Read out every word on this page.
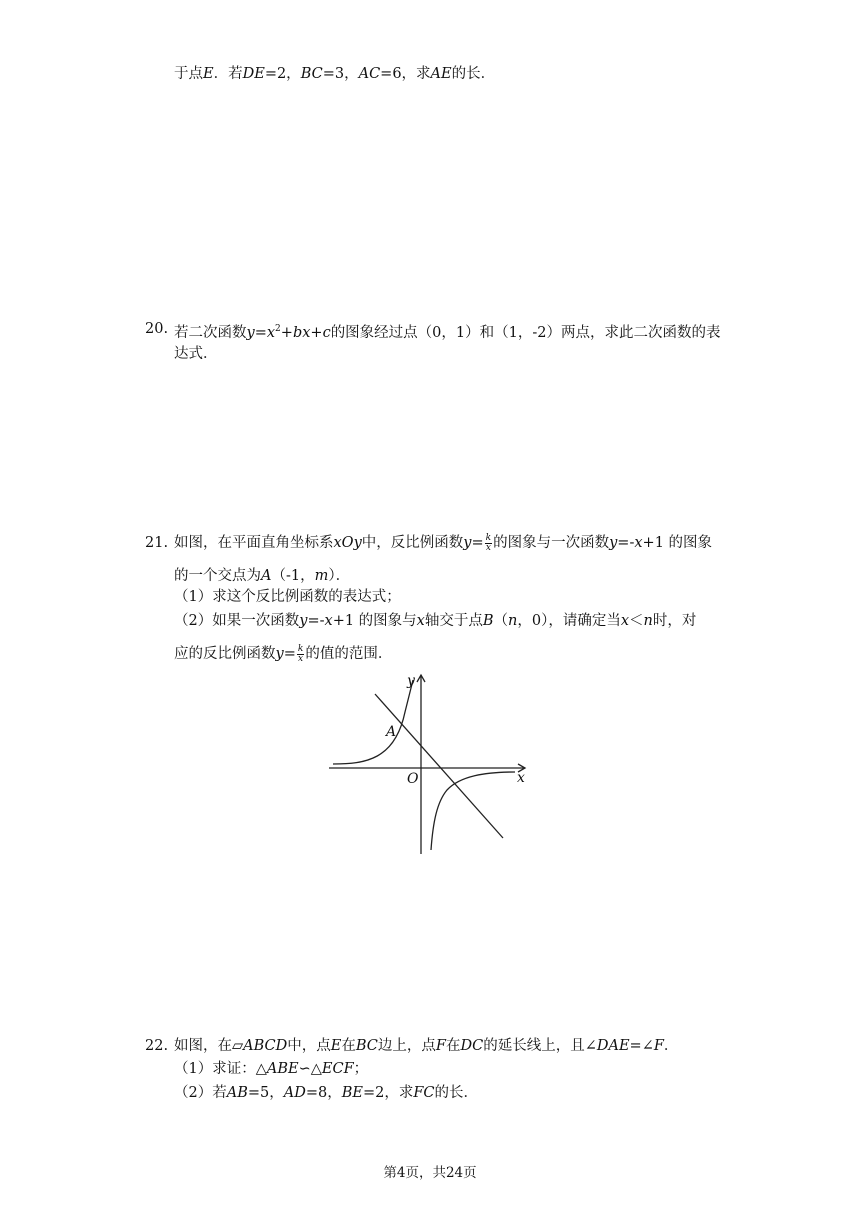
于点E．若DE=2，BC=3，AC=6，求AE的长．
20. 若二次函数$y=x^2+bx+c$的图象经过点（0，1）和（1，-2）两点，求此二次函数的表
达式．
21. 如图，在平面直角坐标系xOy中，反比例函数$y= \frac{k}{x}$ 的图象与一次函数y=-x+1 的图象
的一个交点为A（-1，m）．
（1）求这个反比例函数的表达式；
（2）如果一次函数y=-x+1 的图象与x轴交于点B（n，0），请确定当x＜n时，对
应的反比例函数$y= \frac{k}{x}$ 的值的范围．
y
x
O
A
22. 如图，在▱ABCD中，点E在BC边上，点F在DC的延长线上，且∠DAE=∠F．
（1）求证：△ABE∽△ECF；
（2）若AB=5，AD=8，BE=2，求FC的长．
第4页，共24页
